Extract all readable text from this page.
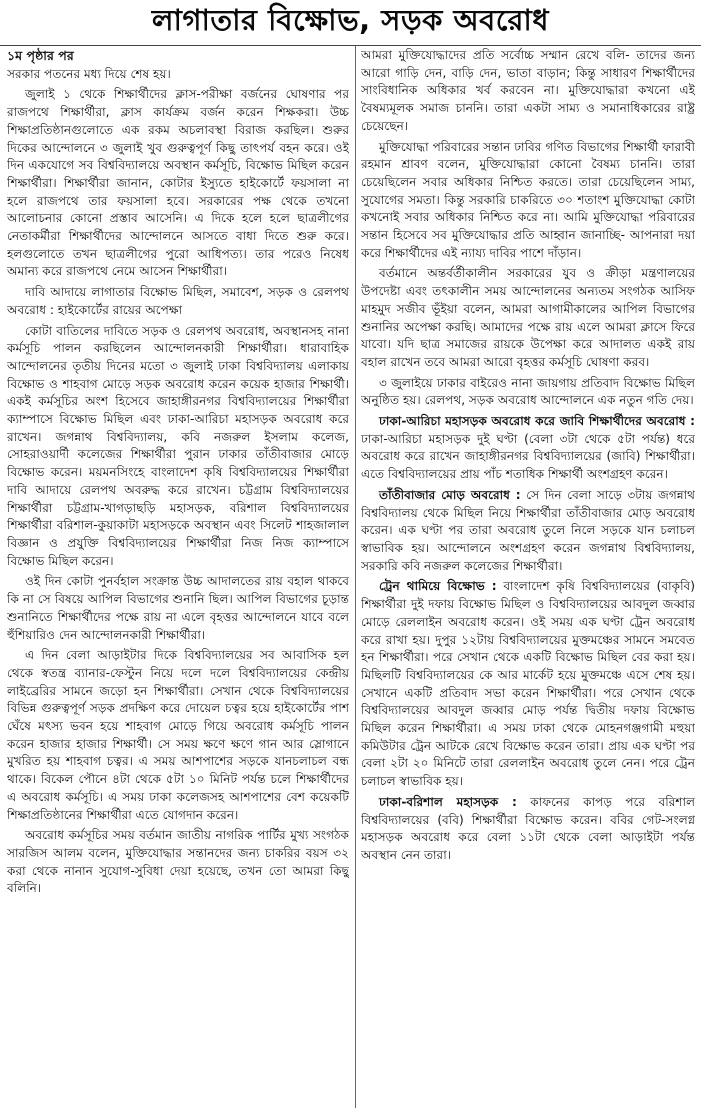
লাগাতার বিক্ষোভ, সড়ক অবরোধ
১ম পৃষ্ঠার পর

সরকার পতনের মধ্য দিয়ে শেষ হয়।

জুলাই ১ থেকে শিক্ষার্থীদের ক্লাস-পরীক্ষা বর্জনের ঘোষণার পর রাজপথে শিক্ষার্থীরা, ক্লাস কার্যক্রম বর্জন করেন শিক্ষকরা। উচ্চ শিক্ষাপ্রতিষ্ঠানগুলোতে এক রকম অচলাবস্থা বিরাজ করছিল। শুরুর দিকের আন্দোলনে ৩ জুলাই খুব গুরুত্বপূর্ণ কিছু তাৎপর্য বহন করে। ওই দিন একযোগে সব বিশ্ববিদ্যালয়ে অবস্থান কর্মসূচি, বিক্ষোভ মিছিল করেন শিক্ষার্থীরা। শিক্ষার্থীরা জানান, কোটার ইস্যুতে হাইকোর্টে ফয়সালা না হলে রাজপথে তার ফয়সালা হবে। সরকারের পক্ষ থেকে তখনো আলোচনার কোনো প্রস্তাব আসেনি। এ দিকে হলে হলে ছাত্রলীগের নেতাকর্মীরা শিক্ষার্থীদের আন্দোলনে আসতে বাধা দিতে শুরু করে। হলগুলোতে তখন ছাত্রলীগের পুরো আধিপত্য। তার পরেও নিষেধ অমান্য করে রাজপথে নেমে আসেন শিক্ষার্থীরা।

দাবি আদায়ে লাগাতার বিক্ষোভ মিছিল, সমাবেশ, সড়ক ও রেলপথ অবরোধ : হাইকোর্টের রায়ের অপেক্ষা

কোটা বাতিলের দাবিতে সড়ক ও রেলপথ অবরোধ, অবস্থানসহ নানা কর্মসূচি পালন করছিলেন আন্দোলনকারী শিক্ষার্থীরা। ধারাবাহিক আন্দোলনের তৃতীয় দিনের মতো ৩ জুলাই ঢাকা বিশ্ববিদ্যালয় এলাকায় বিক্ষোভ ও শাহবাগ মোড়ে সড়ক অবরোধ করেন কয়েক হাজার শিক্ষার্থী। একই কর্মসূচির অংশ হিসেবে জাহাঙ্গীরনগর বিশ্ববিদ্যালয়ের শিক্ষার্থীরা ক্যাম্পাসে বিক্ষোভ মিছিল এবং ঢাকা-আরিচা মহাসড়ক অবরোধ করে রাখেন। জগন্নাথ বিশ্ববিদ্যালয়, কবি নজরুল ইসলাম কলেজ, সোহরাওয়ার্দী কলেজের শিক্ষার্থীরা পুরান ঢাকার তাঁতীবাজার মোড়ে বিক্ষোভ করেন। ময়মনসিংহে বাংলাদেশ কৃষি বিশ্ববিদ্যালয়ের শিক্ষার্থীরা দাবি আদায়ে রেলপথ অবরুদ্ধ করে রাখেন। চট্টগ্রাম বিশ্ববিদ্যালয়ের শিক্ষার্থীরা চট্টগ্রাম-খাগড়াছড়ি মহাসড়ক, বরিশাল বিশ্ববিদ্যালয়ের শিক্ষার্থীরা বরিশাল-কুয়াকাটা মহাসড়কে অবস্থান এবং সিলেট শাহজালাল বিজ্ঞান ও প্রযুক্তি বিশ্ববিদ্যালয়ের শিক্ষার্থীরা নিজ নিজ ক্যাম্পাসে বিক্ষোভ মিছিল করেন।

ওই দিন কোটা পুনর্বহাল সংক্রান্ত উচ্চ আদালতের রায় বহাল থাকবে কি না সে বিষয়ে আপিল বিভাগের শুনানি ছিল। আপিল বিভাগের চূড়ান্ত শুনানিতে শিক্ষার্থীদের পক্ষে রায় না এলে বৃহত্তর আন্দোলনে যাবে বলে হুঁশিয়ারিও দেন আন্দোলনকারী শিক্ষার্থীরা।

এ দিন বেলা আড়াইটার দিকে বিশ্ববিদ্যালয়ের সব আবাসিক হল থেকে স্বতন্ত্র ব্যানার-ফেস্টুন নিয়ে দলে দলে বিশ্ববিদ্যালয়ের কেন্দ্রীয় লাইব্রেরির সামনে জড়ো হন শিক্ষার্থীরা। সেখান থেকে বিশ্ববিদ্যালয়ের বিভিন্ন গুরুত্বপূর্ণ সড়ক প্রদক্ষিণ করে দোয়েল চত্বর হয়ে হাইকোর্টের পাশ ঘেঁষে মৎস্য ভবন হয়ে শাহবাগ মোড়ে গিয়ে অবরোধ কর্মসূচি পালন করেন হাজার হাজার শিক্ষার্থী। সে সময় ক্ষণে ক্ষণে গান আর স্লোগানে মুখরিত হয় শাহবাগ চত্বর। এ সময় আশপাশের সড়কে যানচলাচল বন্ধ থাকে। বিকেল পৌনে ৪টা থেকে ৫টা ১০ মিনিট পর্যন্ত চলে শিক্ষার্থীদের এ অবরোধ কর্মসূচি। এ সময় ঢাকা কলেজসহ আশপাশের বেশ কয়েকটি শিক্ষাপ্রতিষ্ঠানের শিক্ষার্থীরা এতে যোগদান করেন।

অবরোধ কর্মসূচির সময় বর্তমান জাতীয় নাগরিক পার্টির মুখ্য সংগঠক সারজিস আলম বলেন, মুক্তিযোদ্ধার সন্তানদের জন্য চাকরির বয়স ৩২ করা থেকে নানান সুযোগ-সুবিধা দেয়া হয়েছে, তখন তো আমরা কিছু বলিনি।

আমরা মুক্তিযোদ্ধাদের প্রতি সর্বোচ্চ সম্মান রেখে বলি- তাদের জন্য আরো গাড়ি দেন, বাড়ি দেন, ভাতা বাড়ান; কিন্তু সাধারণ শিক্ষার্থীদের সাংবিধানিক অধিকার খর্ব করবেন না। মুক্তিযোদ্ধারা কখনো এই বৈষম্যমূলক সমাজ চাননি। তারা একটা সাম্য ও সমানাধিকারের রাষ্ট্র চেয়েছেন।

মুক্তিযোদ্ধা পরিবারের সন্তান ঢাবির গণিত বিভাগের শিক্ষার্থী ফারাবী রহমান শ্রাবণ বলেন, মুক্তিযোদ্ধারা কোনো বৈষম্য চাননি। তারা চেয়েছিলেন সবার অধিকার নিশ্চিত করতে। তারা চেয়েছিলেন সাম্য, সুযোগের সমতা। কিন্তু সরকারি চাকরিতে ৩০ শতাংশ মুক্তিযোদ্ধা কোটা কখনোই সবার অধিকার নিশ্চিত করে না। আমি মুক্তিযোদ্ধা পরিবারের সন্তান হিসেবে সব মুক্তিযোদ্ধার প্রতি আহ্বান জানাচ্ছি- আপনারা দয়া করে শিক্ষার্থীদের এই ন্যায্য দাবির পাশে দাঁড়ান।

বর্তমানে অন্তর্বর্তীকালীন সরকারের যুব ও ক্রীড়া মন্ত্রণালয়ের উপদেষ্টা এবং তৎকালীন সময় আন্দোলনের অন্যতম সংগঠক আসিফ মাহমুদ সজীব ভূঁইয়া বলেন, আমরা আগামীকালের আপিল বিভাগের শুনানির অপেক্ষা করছি। আমাদের পক্ষে রায় এলে আমরা ক্লাসে ফিরে যাবো। যদি ছাত্র সমাজের রায়কে উপেক্ষা করে আদালত একই রায় বহাল রাখেন তবে আমরা আরো বৃহত্তর কর্মসূচি ঘোষণা করব।

৩ জুলাইয়ে ঢাকার বাইরেও নানা জায়গায় প্রতিবাদ বিক্ষোভ মিছিল অনুষ্ঠিত হয়। রেলপথ, সড়ক অবরোধ আন্দোলনে এক নতুন গতি দেয়।

ঢাকা-আরিচা মহাসড়ক অবরোধ করে জাবি শিক্ষার্থীদের অবরোধ : ঢাকা-আরিচা মহাসড়ক দুই ঘণ্টা (বেলা ৩টা থেকে ৫টা পর্যন্ত) ধরে অবরোধ করে রাখেন জাহাঙ্গীরনগর বিশ্ববিদ্যালয়ের (জাবি) শিক্ষার্থীরা। এতে বিশ্ববিদ্যালয়ের প্রায় পাঁচ শতাধিক শিক্ষার্থী অংশগ্রহণ করেন।

তাঁতীবাজার মোড় অবরোধ : সে দিন বেলা সাড়ে ৩টায় জগন্নাথ বিশ্ববিদ্যালয় থেকে মিছিল নিয়ে শিক্ষার্থীরা তাঁতীবাজার মোড় অবরোধ করেন। এক ঘণ্টা পর তারা অবরোধ তুলে নিলে সড়কে যান চলাচল স্বাভাবিক হয়। আন্দোলনে অংশগ্রহণ করেন জগন্নাথ বিশ্ববিদ্যালয়, সরকারি কবি নজরুল কলেজের শিক্ষার্থীরা।

ট্রেন থামিয়ে বিক্ষোভ : বাংলাদেশ কৃষি বিশ্ববিদ্যালয়ের (বাকৃবি) শিক্ষার্থীরা দুই দফায় বিক্ষোভ মিছিল ও বিশ্ববিদ্যালয়ের আবদুল জব্বার মোড়ে রেললাইন অবরোধ করেন। ওই সময় এক ঘণ্টা ট্রেন অবরোধ করে রাখা হয়। দুপুর ১২টায় বিশ্ববিদ্যালয়ের মুক্তমঞ্চের সামনে সমবেত হন শিক্ষার্থীরা। পরে সেখান থেকে একটি বিক্ষোভ মিছিল বের করা হয়। মিছিলটি বিশ্ববিদ্যালয়ের কে আর মার্কেট হয়ে মুক্তমঞ্চে এসে শেষ হয়। সেখানে একটি প্রতিবাদ সভা করেন শিক্ষার্থীরা। পরে সেখান থেকে বিশ্ববিদ্যালয়ের আবদুল জব্বার মোড় পর্যন্ত দ্বিতীয় দফায় বিক্ষোভ মিছিল করেন শিক্ষার্থীরা। এ সময় ঢাকা থেকে মোহনগঞ্জগামী মহুয়া কমিউটার ট্রেন আটকে রেখে বিক্ষোভ করেন তারা। প্রায় এক ঘণ্টা পর বেলা ২টা ২০ মিনিটে তারা রেললাইন অবরোধ তুলে নেন। পরে ট্রেন চলাচল স্বাভাবিক হয়।

ঢাকা-বরিশাল মহাসড়ক : কাফনের কাপড় পরে বরিশাল বিশ্ববিদ্যালয়ের (ববি) শিক্ষার্থীরা বিক্ষোভ করেন। ববির গেট-সংলগ্ন মহাসড়ক অবরোধ করে বেলা ১১টা থেকে বেলা আড়াইটা পর্যন্ত অবস্থান নেন তারা।
